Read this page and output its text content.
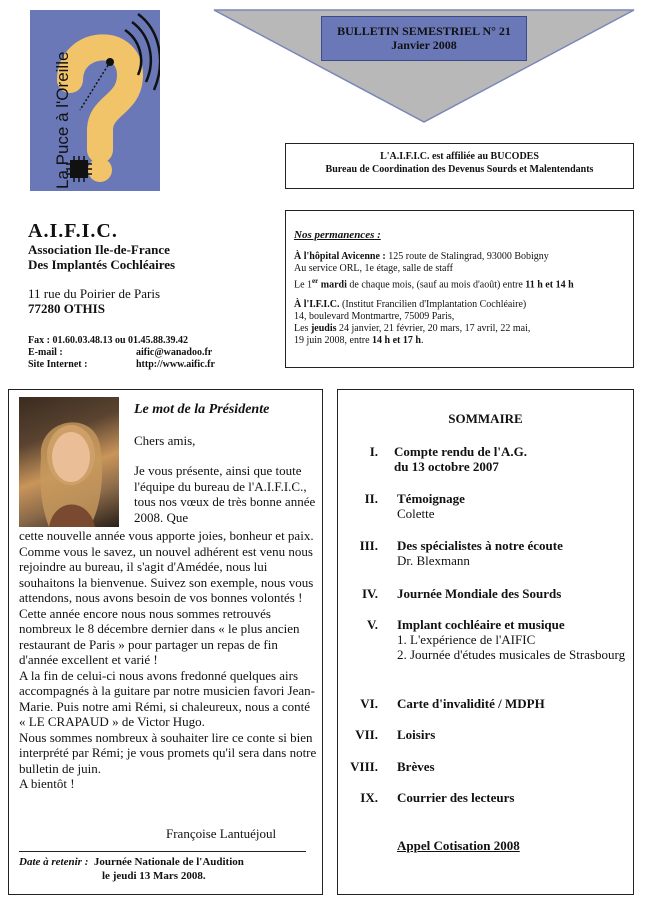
La Puce à l'Oreille
BULLETIN SEMESTRIEL N° 21
Janvier 2008
L'A.I.F.I.C. est affiliée au BUCODES
Bureau de Coordination des Devenus Sourds et Malentendants
A.I.F.I.C.
Association Ile-de-France
Des Implantés Cochléaires
11 rue du Poirier de Paris
77280 OTHIS
Fax : 01.60.03.48.13 ou 01.45.88.39.42	
E-mail :	aific@wanadoo.fr
Site Internet :	http://www.aific.fr
Nos permanences :
À l'hôpital Avicenne : 125 route de Stalingrad, 93000 Bobigny
Au service ORL, 1e étage, salle de staff
Le 1er mardi de chaque mois, (sauf au mois d'août) entre 11 h et 14 h
À l'I.F.I.C. (Institut Francilien d'Implantation Cochléaire)
14, boulevard Montmartre, 75009 Paris,
Les jeudis 24 janvier, 21 février, 20 mars, 17 avril, 22 mai,
19 juin 2008, entre 14 h et 17 h.
Le mot de la Présidente
Chers amis,
Je vous présente, ainsi que toute l'équipe du bureau de l'A.I.F.I.C., tous nos vœux de très bonne année 2008. Que
cette nouvelle année vous apporte joies, bonheur et paix.
Comme vous le savez, un nouvel adhérent est venu nous rejoindre au bureau, il s'agit d'Amédée, nous lui souhaitons la bienvenue. Suivez son exemple, nous vous attendons, nous avons besoin de vos bonnes volontés !
Cette année encore nous nous sommes retrouvés nombreux le 8 décembre dernier dans « le plus ancien restaurant de Paris » pour partager un repas de fin d'année excellent et varié !
A la fin de celui-ci nous avons fredonné quelques airs accompagnés à la guitare par notre musicien favori Jean-Marie. Puis notre ami Rémi, si chaleureux, nous a conté « LE CRAPAUD » de Victor Hugo.
Nous sommes nombreux à souhaiter lire ce conte si bien interprété par Rémi; je vous promets qu'il sera dans notre bulletin de juin.
A bientôt !
Françoise Lantuéjoul
Date à retenir : Journée Nationale de l'Audition
le jeudi 13 Mars 2008.
SOMMAIRE
I. Compte rendu de l'A.G.
du 13 octobre 2007
II. Témoignage
Colette
III. Des spécialistes à notre écoute
Dr. Blexmann
IV. Journée Mondiale des Sourds
V. Implant cochléaire et musique
1. L'expérience de l'AIFIC
2. Journée d'études musicales de Strasbourg
VI. Carte d'invalidité / MDPH
VII. Loisirs
VIII. Brèves
IX. Courrier des lecteurs
Appel Cotisation 2008
